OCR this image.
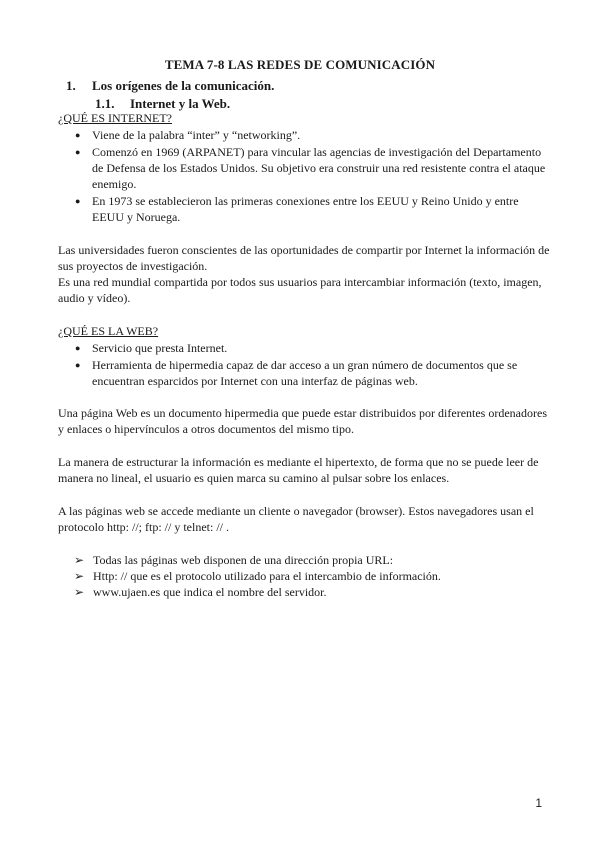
TEMA 7-8 LAS REDES DE COMUNICACIÓN
1. Los orígenes de la comunicación.
1.1. Internet y la Web.
¿QUÉ ES INTERNET?
● Viene de la palabra “inter” y “networking”.
● Comenzó en 1969 (ARPANET) para vincular las agencias de investigación del Departamento de Defensa de los Estados Unidos. Su objetivo era construir una red resistente contra el ataque enemigo.
● En 1973 se establecieron las primeras conexiones entre los EEUU y Reino Unido y entre EEUU y Noruega.

Las universidades fueron conscientes de las oportunidades de compartir por Internet la información de sus proyectos de investigación.
Es una red mundial compartida por todos sus usuarios para intercambiar información (texto, imagen, audio y vídeo).

¿QUÉ ES LA WEB?
● Servicio que presta Internet.
● Herramienta de hipermedia capaz de dar acceso a un gran número de documentos que se encuentran esparcidos por Internet con una interfaz de páginas web.

Una página Web es un documento hipermedia que puede estar distribuidos por diferentes ordenadores y enlaces o hipervínculos a otros documentos del mismo tipo.

La manera de estructurar la información es mediante el hipertexto, de forma que no se puede leer de manera no lineal, el usuario es quien marca su camino al pulsar sobre los enlaces.

A las páginas web se accede mediante un cliente o navegador (browser). Estos navegadores usan el protocolo http: //; ftp: // y telnet: // .

➢ Todas las páginas web disponen de una dirección propia URL:
➢ Http: // que es el protocolo utilizado para el intercambio de información.
➢ www.ujaen.es que indica el nombre del servidor.
1
